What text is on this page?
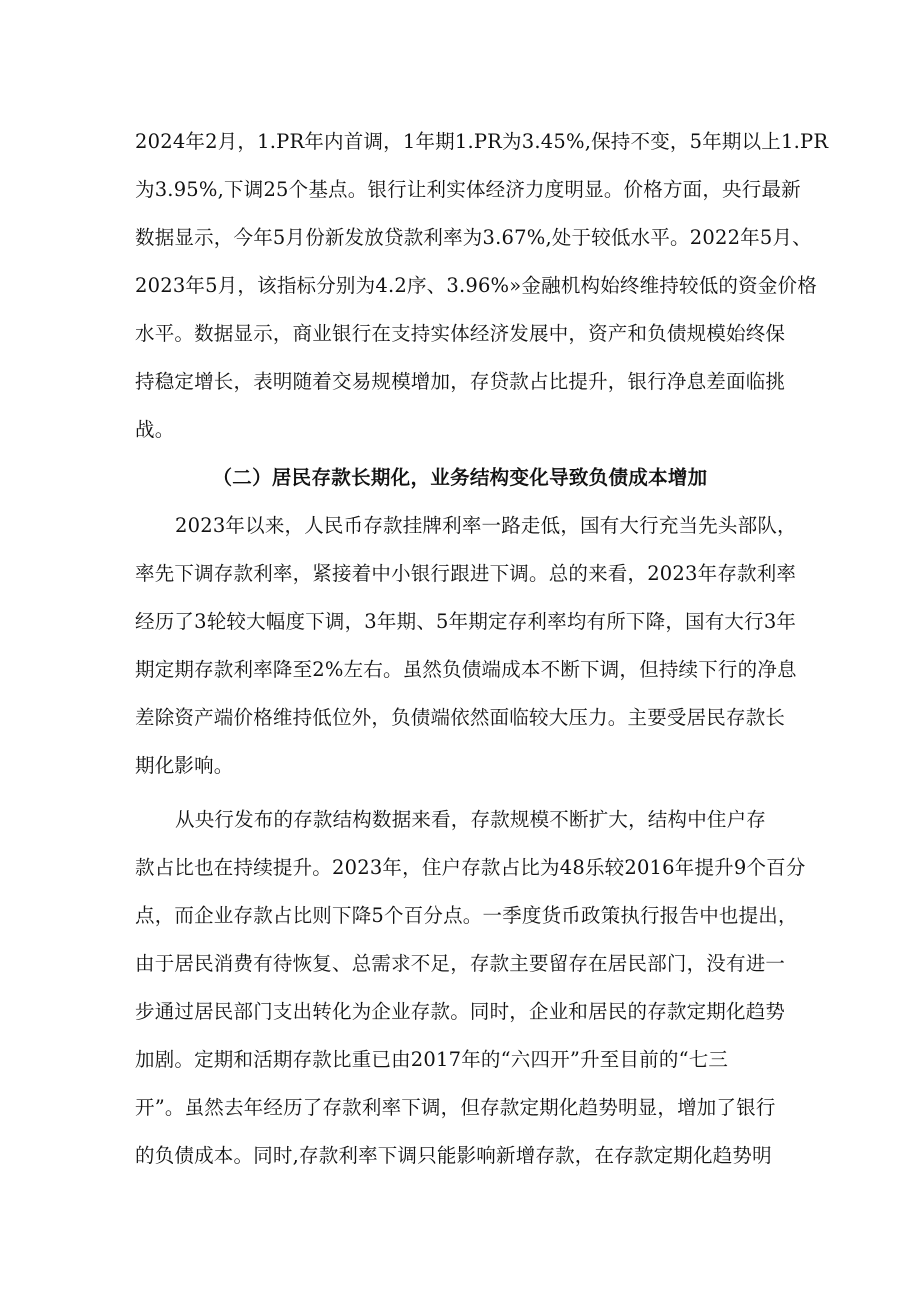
2024年2月，1.PR年内首调，1年期1.PR为3.45%,保持不变，5年期以上1.PR
为3.95%,下调25个基点。银行让利实体经济力度明显。价格方面，央行最新
数据显示，今年5月份新发放贷款利率为3.67%,处于较低水平。2022年5月、
2023年5月，该指标分别为4.2序、3.96%»金融机构始终维持较低的资金价格
水平。数据显示，商业银行在支持实体经济发展中，资产和负债规模始终保
持稳定增长，表明随着交易规模增加，存贷款占比提升，银行净息差面临挑
战。
（二）居民存款长期化，业务结构变化导致负债成本增加
2023年以来，人民币存款挂牌利率一路走低，国有大行充当先头部队，
率先下调存款利率，紧接着中小银行跟进下调。总的来看，2023年存款利率
经历了3轮较大幅度下调，3年期、5年期定存利率均有所下降，国有大行3年
期定期存款利率降至2%左右。虽然负债端成本不断下调，但持续下行的净息
差除资产端价格维持低位外，负债端依然面临较大压力。主要受居民存款长
期化影响。
从央行发布的存款结构数据来看，存款规模不断扩大，结构中住户存
款占比也在持续提升。2023年，住户存款占比为48乐较2016年提升9个百分
点，而企业存款占比则下降5个百分点。一季度货币政策执行报告中也提出，
由于居民消费有待恢复、总需求不足，存款主要留存在居民部门，没有进一
步通过居民部门支出转化为企业存款。同时，企业和居民的存款定期化趋势
加剧。定期和活期存款比重已由2017年的“六四开”升至目前的“七三
开”。虽然去年经历了存款利率下调，但存款定期化趋势明显，增加了银行
的负债成本。同时,存款利率下调只能影响新增存款，在存款定期化趋势明
